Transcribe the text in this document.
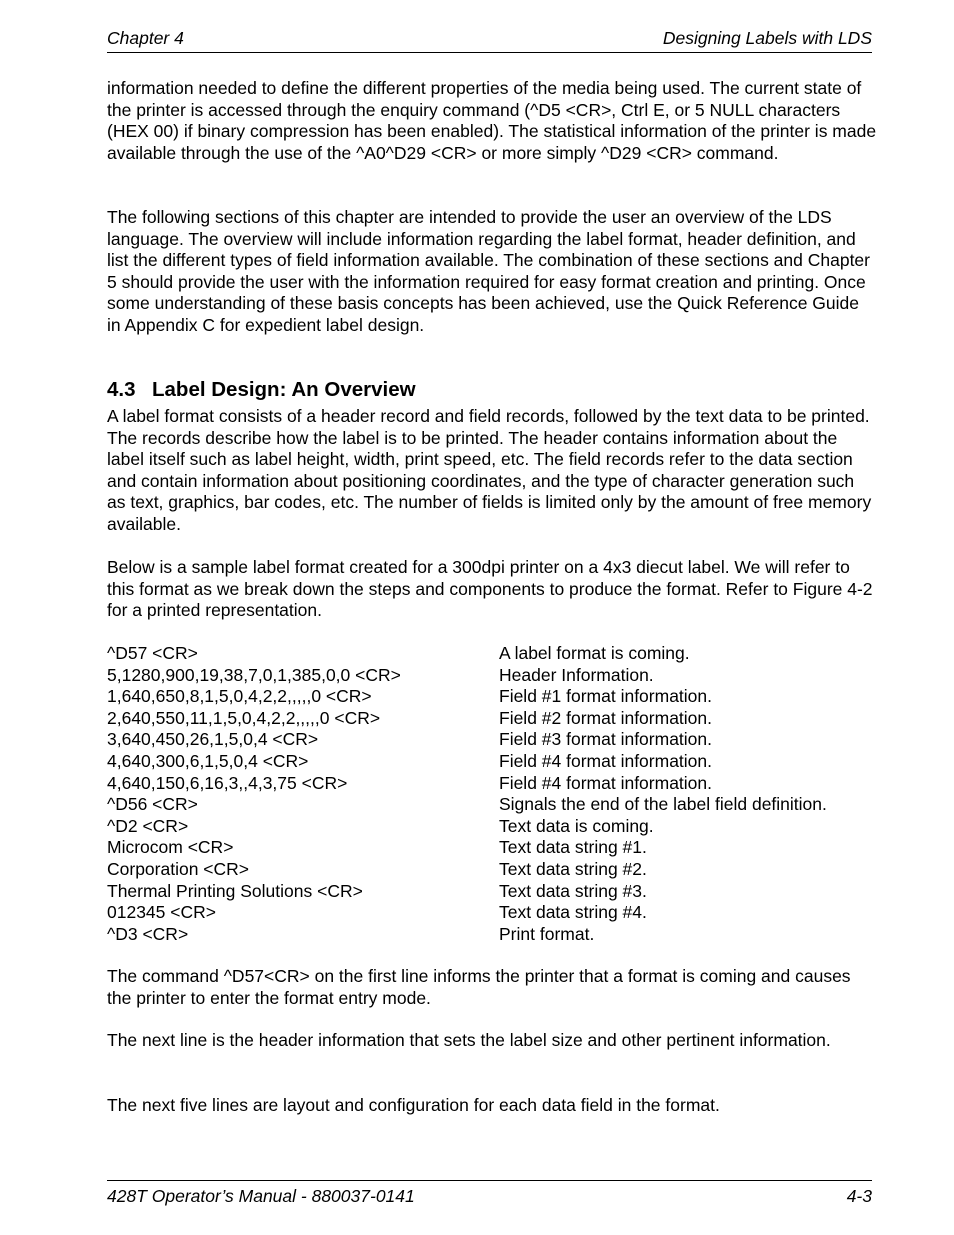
Chapter 4	Designing Labels with LDS

information needed to define the different properties of the media being used. The current state of the printer is accessed through the enquiry command (^D5 <CR>, Ctrl E, or 5 NULL characters (HEX 00) if binary compression has been enabled). The statistical information of the printer is made available through the use of the ^A0^D29 <CR> or more simply ^D29 <CR> command.

The following sections of this chapter are intended to provide the user an overview of the LDS language. The overview will include information regarding the label format, header definition, and list the different types of field information available. The combination of these sections and Chapter 5 should provide the user with the information required for easy format creation and printing. Once some understanding of these basis concepts has been achieved, use the Quick Reference Guide in Appendix C for expedient label design.

4.3 Label Design: An Overview

A label format consists of a header record and field records, followed by the text data to be printed. The records describe how the label is to be printed. The header contains information about the label itself such as label height, width, print speed, etc. The field records refer to the data section and contain information about positioning coordinates, and the type of character generation such as text, graphics, bar codes, etc. The number of fields is limited only by the amount of free memory available.

Below is a sample label format created for a 300dpi printer on a 4x3 diecut label. We will refer to this format as we break down the steps and components to produce the format. Refer to Figure 4-2 for a printed representation.

^D57 <CR>	A label format is coming.
5,1280,900,19,38,7,0,1,385,0,0 <CR>	Header Information.
1,640,650,8,1,5,0,4,2,2,,,,,0 <CR>	Field #1 format information.
2,640,550,11,1,5,0,4,2,2,,,,,0 <CR>	Field #2 format information.
3,640,450,26,1,5,0,4 <CR>	Field #3 format information.
4,640,300,6,1,5,0,4 <CR>	Field #4 format information.
4,640,150,6,16,3,,4,3,75 <CR>	Field #4 format information.
^D56 <CR>	Signals the end of the label field definition.
^D2 <CR>	Text data is coming.
Microcom <CR>	Text data string #1.
Corporation <CR>	Text data string #2.
Thermal Printing Solutions <CR>	Text data string #3.
012345 <CR>	Text data string #4.
^D3 <CR>	Print format.

The command ^D57<CR> on the first line informs the printer that a format is coming and causes the printer to enter the format entry mode.

The next line is the header information that sets the label size and other pertinent information.

The next five lines are layout and configuration for each data field in the format.

428T Operator’s Manual - 880037-0141	4-3
